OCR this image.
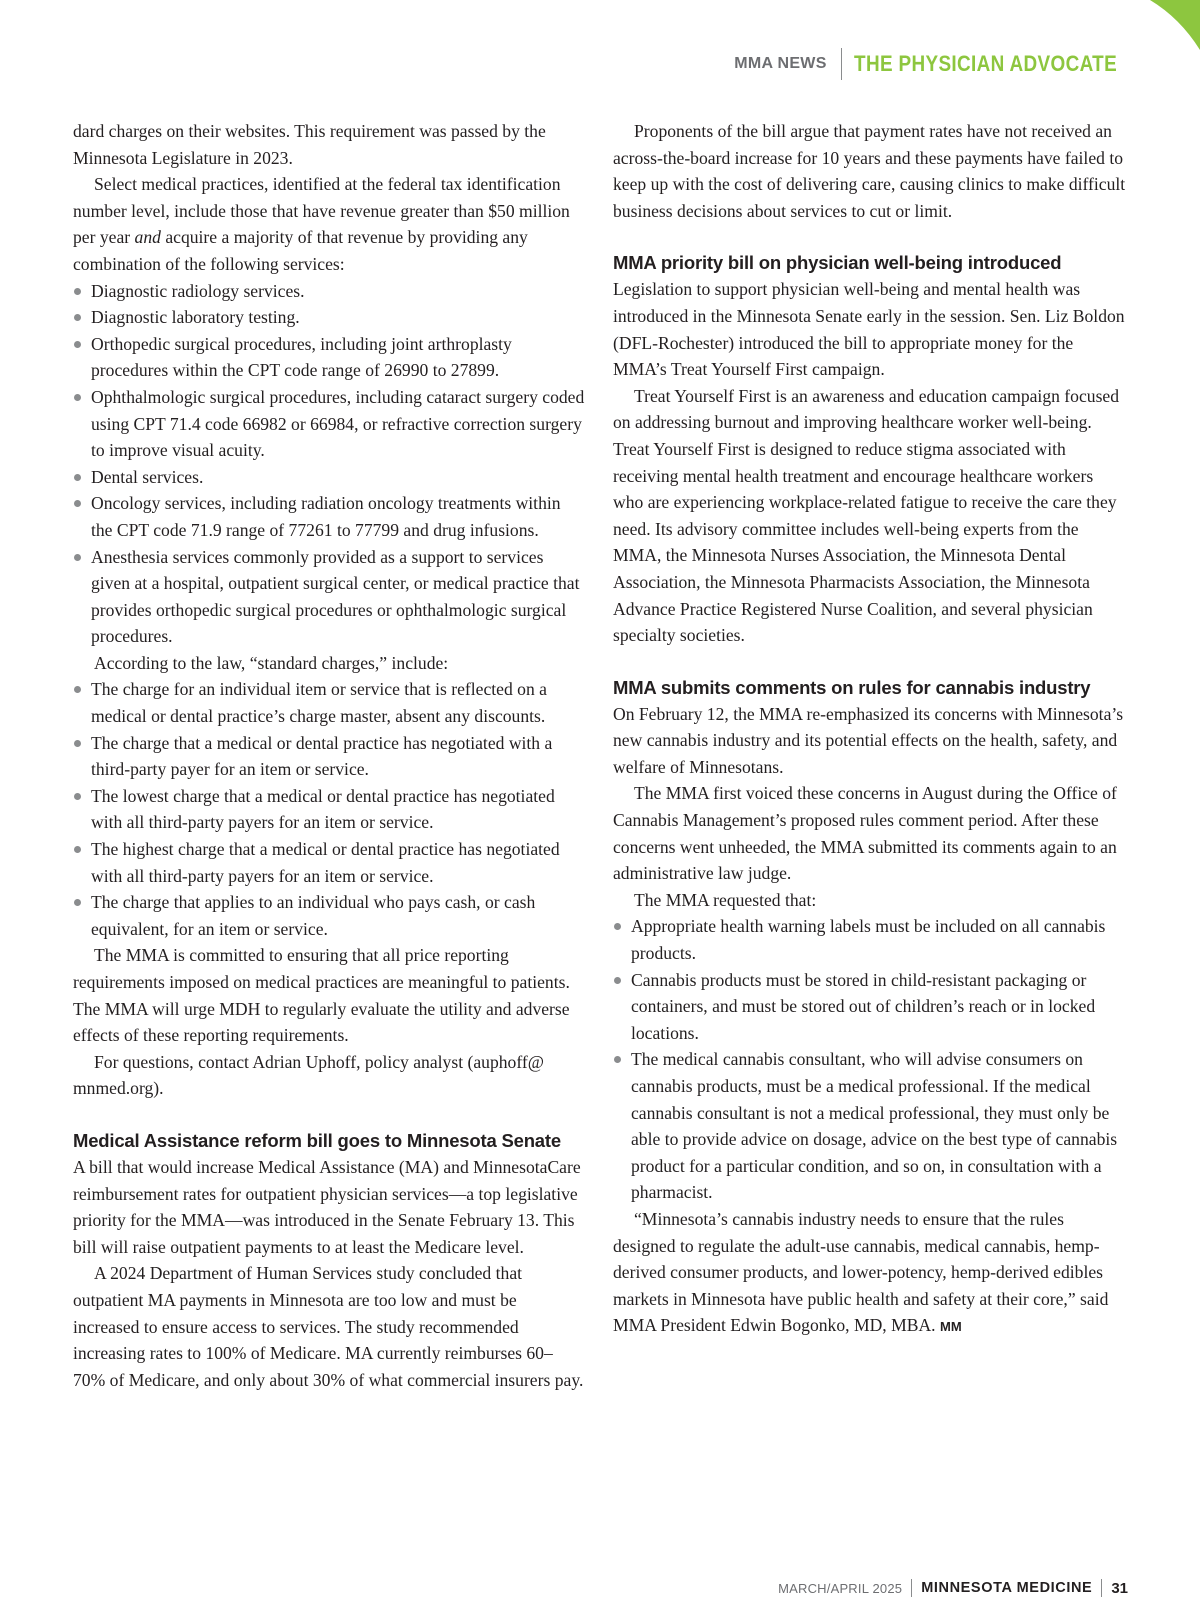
MMA NEWS	THE PHYSICIAN ADVOCATE

dard charges on their websites. This requirement was passed by the Minnesota Legislature in 2023.

Select medical practices, identified at the federal tax identification number level, include those that have revenue greater than $50 million per year and acquire a majority of that revenue by providing any combination of the following services:

Diagnostic radiology services.
Diagnostic laboratory testing.
Orthopedic surgical procedures, including joint arthroplasty procedures within the CPT code range of 26990 to 27899.
Ophthalmologic surgical procedures, including cataract surgery coded using CPT 71.4 code 66982 or 66984, or refractive correction surgery to improve visual acuity.
Dental services.
Oncology services, including radiation oncology treatments within the CPT code 71.9 range of 77261 to 77799 and drug infusions.
Anesthesia services commonly provided as a support to services given at a hospital, outpatient surgical center, or medical practice that provides orthopedic surgical procedures or ophthalmologic surgical procedures.

According to the law, “standard charges,” include:

The charge for an individual item or service that is reflected on a medical or dental practice’s charge master, absent any discounts.
The charge that a medical or dental practice has negotiated with a third-party payer for an item or service.
The lowest charge that a medical or dental practice has negotiated with all third-party payers for an item or service.
The highest charge that a medical or dental practice has negotiated with all third-party payers for an item or service.
The charge that applies to an individual who pays cash, or cash equivalent, for an item or service.

The MMA is committed to ensuring that all price reporting requirements imposed on medical practices are meaningful to patients. The MMA will urge MDH to regularly evaluate the utility and adverse effects of these reporting requirements.

For questions, contact Adrian Uphoff, policy analyst (auphoff@ mnmed.org).

Medical Assistance reform bill goes to Minnesota Senate

A bill that would increase Medical Assistance (MA) and MinnesotaCare reimbursement rates for outpatient physician services—a top legislative priority for the MMA—was introduced in the Senate February 13. This bill will raise outpatient payments to at least the Medicare level.

A 2024 Department of Human Services study concluded that outpatient MA payments in Minnesota are too low and must be increased to ensure access to services. The study recommended increasing rates to 100% of Medicare. MA currently reimburses 60–70% of Medicare, and only about 30% of what commercial insurers pay.

Proponents of the bill argue that payment rates have not received an across-the-board increase for 10 years and these payments have failed to keep up with the cost of delivering care, causing clinics to make difficult business decisions about services to cut or limit.

MMA priority bill on physician well-being introduced

Legislation to support physician well-being and mental health was introduced in the Minnesota Senate early in the session. Sen. Liz Boldon (DFL-Rochester) introduced the bill to appropriate money for the MMA’s Treat Yourself First campaign.

Treat Yourself First is an awareness and education campaign focused on addressing burnout and improving healthcare worker well-being. Treat Yourself First is designed to reduce stigma associated with receiving mental health treatment and encourage healthcare workers who are experiencing workplace-related fatigue to receive the care they need. Its advisory committee includes well-being experts from the MMA, the Minnesota Nurses Association, the Minnesota Dental Association, the Minnesota Pharmacists Association, the Minnesota Advance Practice Registered Nurse Coalition, and several physician specialty societies.

MMA submits comments on rules for cannabis industry

On February 12, the MMA re-emphasized its concerns with Minnesota’s new cannabis industry and its potential effects on the health, safety, and welfare of Minnesotans.

The MMA first voiced these concerns in August during the Office of Cannabis Management’s proposed rules comment period. After these concerns went unheeded, the MMA submitted its comments again to an administrative law judge.

The MMA requested that:

Appropriate health warning labels must be included on all cannabis products.
Cannabis products must be stored in child-resistant packaging or containers, and must be stored out of children’s reach or in locked locations.
The medical cannabis consultant, who will advise consumers on cannabis products, must be a medical professional. If the medical cannabis consultant is not a medical professional, they must only be able to provide advice on dosage, advice on the best type of cannabis product for a particular condition, and so on, in consultation with a pharmacist.

“Minnesota’s cannabis industry needs to ensure that the rules designed to regulate the adult-use cannabis, medical cannabis, hemp-derived consumer products, and lower-potency, hemp-derived edibles markets in Minnesota have public health and safety at their core,” said MMA President Edwin Bogonko, MD, MBA. MM

MARCH/APRIL 2025 MINNESOTA MEDICINE 31
